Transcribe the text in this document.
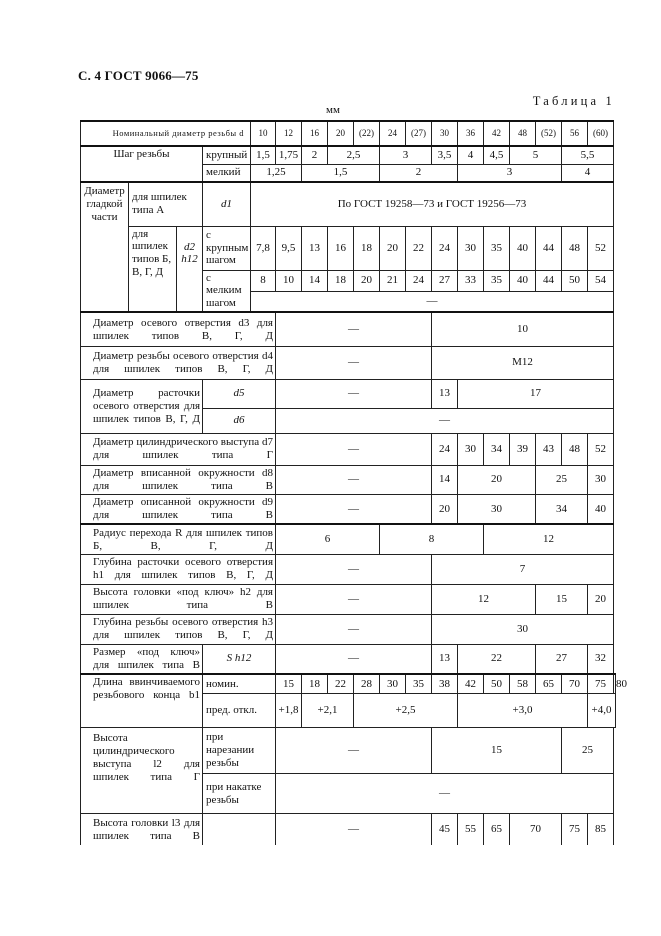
С. 4 ГОСТ 9066—75
Таблица 1
мм

Номинальный диаметр резьбы d				10	12	16	20	(22)	24	(27)	30	36	42	48	(52)	56	(60)	
Шаг резьбы			крупный	1,5	1,75	2	2,5		3		3,5	4	4,5	5		5,5		
			мелкий	1,25		1,5			2			3				4		
Диаметр гладкой части	для шпилек типа А		d1	По ГОСТ 19258—73 и ГОСТ 19256—73														
	для шпилек типов Б, В, Г, Д	d2 h12	с крупным шагом	7,8	9,5	13	16	18	20	22	24	30	35	40	44	48	52	
			с мелким шагом	8	10	14	18	20	21	24	27	33	35	40	44	50	54	
				—														
Диаметр осевого отверстия d3 для шпилек типов В, Г, Д					—						10							
Диаметр резьбы осевого отверстия d4 для шпилек типов В, Г, Д					—						М12							
Диаметр расточки осевого отверстия для шпилек типов В, Г, Д			d5		—						13	17						
			d6		—													
Диаметр цилиндрического выступа d7 для шпилек типа Г					—						24	30	34	39	43	48	52	
Диаметр вписанной окружности d8 для шпилек типа В					—						14	20			25		30	
Диаметр описанной окружности d9 для шпилек типа В					—						20	30			34		40	
Радиус перехода R для шпилек типов Б, В, Г, Д					6				8				12					
Глубина расточки осевого отверстия h1 для шпилек типов В, Г, Д					—						7							
Высота головки «под ключ» h2 для шпилек типа В					—						12				15		20	
Глубина резьбы осевого отверстия h3 для шпилек типов В, Г, Д					—						30							
Размер «под ключ» для шпилек типа В			S h12		—						13	22			27		32	
Длина ввинчиваемого резьбового конца b1			номин.		15	18	22	28	30	35	38	42	50	58	65	70	75	80
			пред. откл.		+1,8	+2,1		+2,5				+3,0					+4,0	
Высота цилиндрического выступа l2 для шпилек типа Г			при нарезании резьбы		—						15					25		
			при накатке резьбы		—													
Высота головки l3 для шпилек типа В					—						45	55	65	70		75	85	
